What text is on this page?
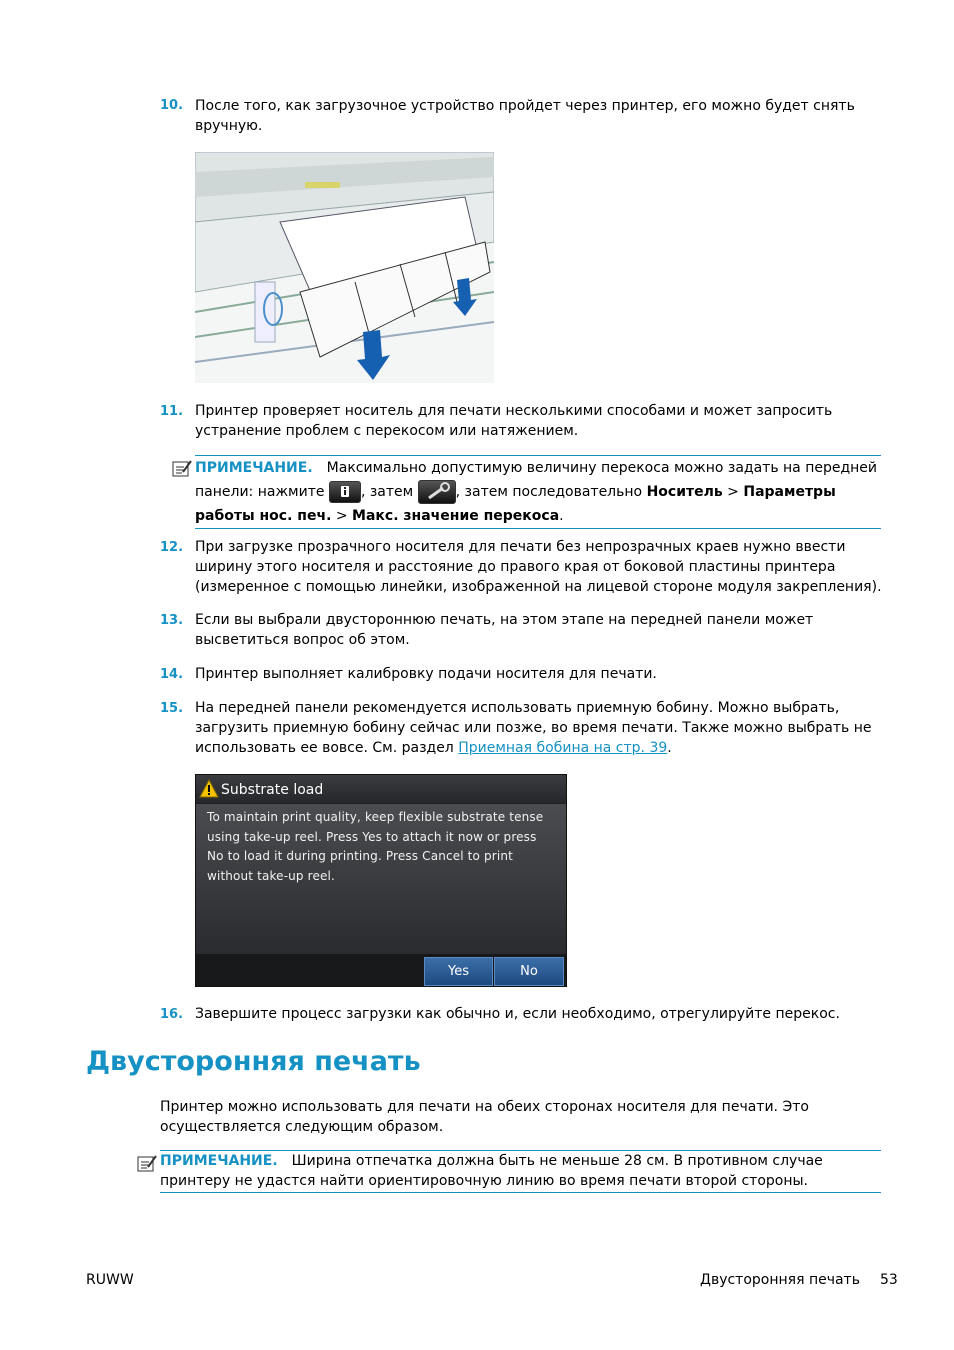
10. После того, как загрузочное устройство пройдет через принтер, его можно будет снять вручную.
11. Принтер проверяет носитель для печати несколькими способами и может запросить устранение проблем с перекосом или натяжением.
ПРИМЕЧАНИЕ. Максимально допустимую величину перекоса можно задать на передней панели: нажмите , затем	, затем последовательно Носитель > Параметры работы нос. печ. > Макс. значение перекоса.
12. При загрузке прозрачного носителя для печати без непрозрачных краев нужно ввести ширину этого носителя и расстояние до правого края от боковой пластины принтера (измеренное с помощью линейки, изображенной на лицевой стороне модуля закрепления).
13. Если вы выбрали двустороннюю печать, на этом этапе на передней панели может высветиться вопрос об этом.
14. Принтер выполняет калибровку подачи носителя для печати.
15. На передней панели рекомендуется использовать приемную бобину. Можно выбрать, загрузить приемную бобину сейчас или позже, во время печати. Также можно выбрать не использовать ее вовсе. См. раздел Приемная бобина на стр. 39.
Substrate load
To maintain print quality, keep flexible substrate tense using take-up reel. Press Yes to attach it now or press No to load it during printing. Press Cancel to print without take-up reel.
Yes	No
16. Завершите процесс загрузки как обычно и, если необходимо, отрегулируйте перекос.
Двусторонняя печать
Принтер можно использовать для печати на обеих сторонах носителя для печати. Это осуществляется следующим образом.
ПРИМЕЧАНИЕ. Ширина отпечатка должна быть не меньше 28 см. В противном случае принтеру не удастся найти ориентировочную линию во время печати второй стороны.
RUWW	Двусторонняя печать 53
